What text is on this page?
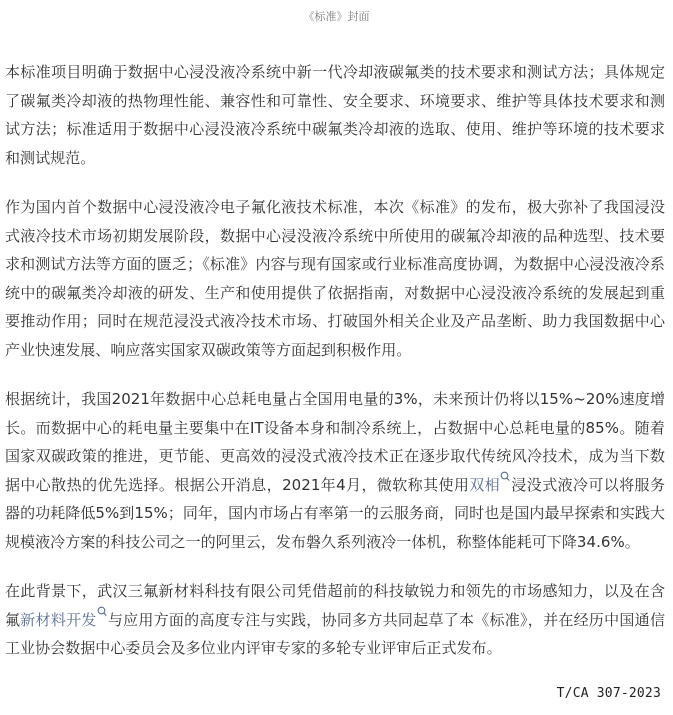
《标准》封面

本标准项目明确于数据中心浸没液冷系统中新一代冷却液碳氟类的技术要求和测试方法；具体规定了碳氟类冷却液的热物理性能、兼容性和可靠性、安全要求、环境要求、维护等具体技术要求和测试方法；标准适用于数据中心浸没液冷系统中碳氟类冷却液的选取、使用、维护等环境的技术要求和测试规范。

作为国内首个数据中心浸没液冷电子氟化液技术标准，本次《标准》的发布，极大弥补了我国浸没式液冷技术市场初期发展阶段，数据中心浸没液冷系统中所使用的碳氟冷却液的品种选型、技术要求和测试方法等方面的匮乏；《标准》内容与现有国家或行业标准高度协调，为数据中心浸没液冷系统中的碳氟类冷却液的研发、生产和使用提供了依据指南，对数据中心浸没液冷系统的发展起到重要推动作用；同时在规范浸没式液冷技术市场、打破国外相关企业及产品垄断、助力我国数据中心产业快速发展、响应落实国家双碳政策等方面起到积极作用。

根据统计，我国2021年数据中心总耗电量占全国用电量的3%，未来预计仍将以15%~20%速度增长。而数据中心的耗电量主要集中在IT设备本身和制冷系统上，占数据中心总耗电量的85%。随着国家双碳政策的推进，更节能、更高效的浸没式液冷技术正在逐步取代传统风冷技术，成为当下数据中心散热的优先选择。根据公开消息，2021年4月，微软称其使用双相 浸没式液冷可以将服务器的功耗降低5%到15%；同年，国内市场占有率第一的云服务商，同时也是国内最早探索和实践大规模液冷方案的科技公司之一的阿里云，发布磐久系列液冷一体机，称整体能耗可下降34.6%。

在此背景下，武汉三氟新材料科技有限公司凭借超前的科技敏锐力和领先的市场感知力，以及在含氟新材料开发 与应用方面的高度专注与实践，协同多方共同起草了本《标准》，并在经历中国通信工业协会数据中心委员会及多位业内评审专家的多轮专业评审后正式发布。

T/CA 307-2023
